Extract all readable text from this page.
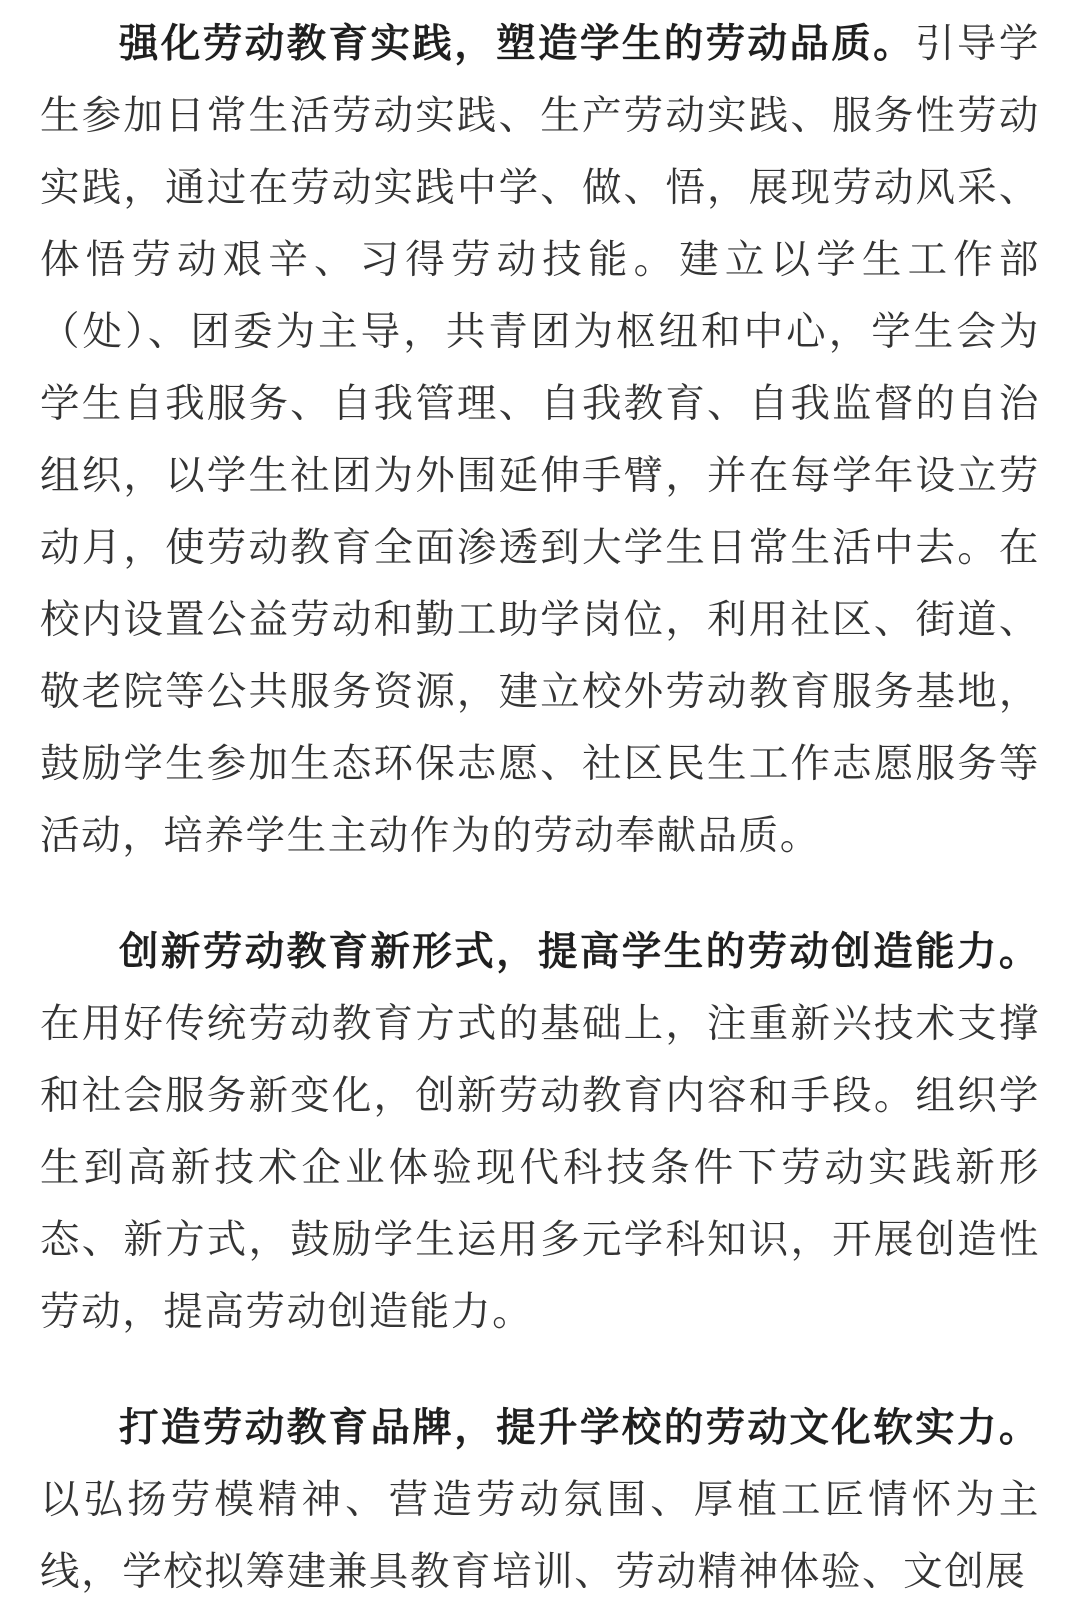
强化劳动教育实践，塑造学生的劳动品质。引导学生参加日常生活劳动实践、生产劳动实践、服务性劳动实践，通过在劳动实践中学、做、悟，展现劳动风采、体悟劳动艰辛、习得劳动技能。建立以学生工作部（处）、团委为主导，共青团为枢纽和中心，学生会为学生自我服务、自我管理、自我教育、自我监督的自治组织，以学生社团为外围延伸手臂，并在每学年设立劳动月，使劳动教育全面渗透到大学生日常生活中去。在校内设置公益劳动和勤工助学岗位，利用社区、街道、敬老院等公共服务资源，建立校外劳动教育服务基地，鼓励学生参加生态环保志愿、社区民生工作志愿服务等活动，培养学生主动作为的劳动奉献品质。

创新劳动教育新形式，提高学生的劳动创造能力。在用好传统劳动教育方式的基础上，注重新兴技术支撑和社会服务新变化，创新劳动教育内容和手段。组织学生到高新技术企业体验现代科技条件下劳动实践新形态、新方式，鼓励学生运用多元学科知识，开展创造性劳动，提高劳动创造能力。

打造劳动教育品牌，提升学校的劳动文化软实力。以弘扬劳模精神、营造劳动氛围、厚植工匠情怀为主线，学校拟筹建兼具教育培训、劳动精神体验、文创展
